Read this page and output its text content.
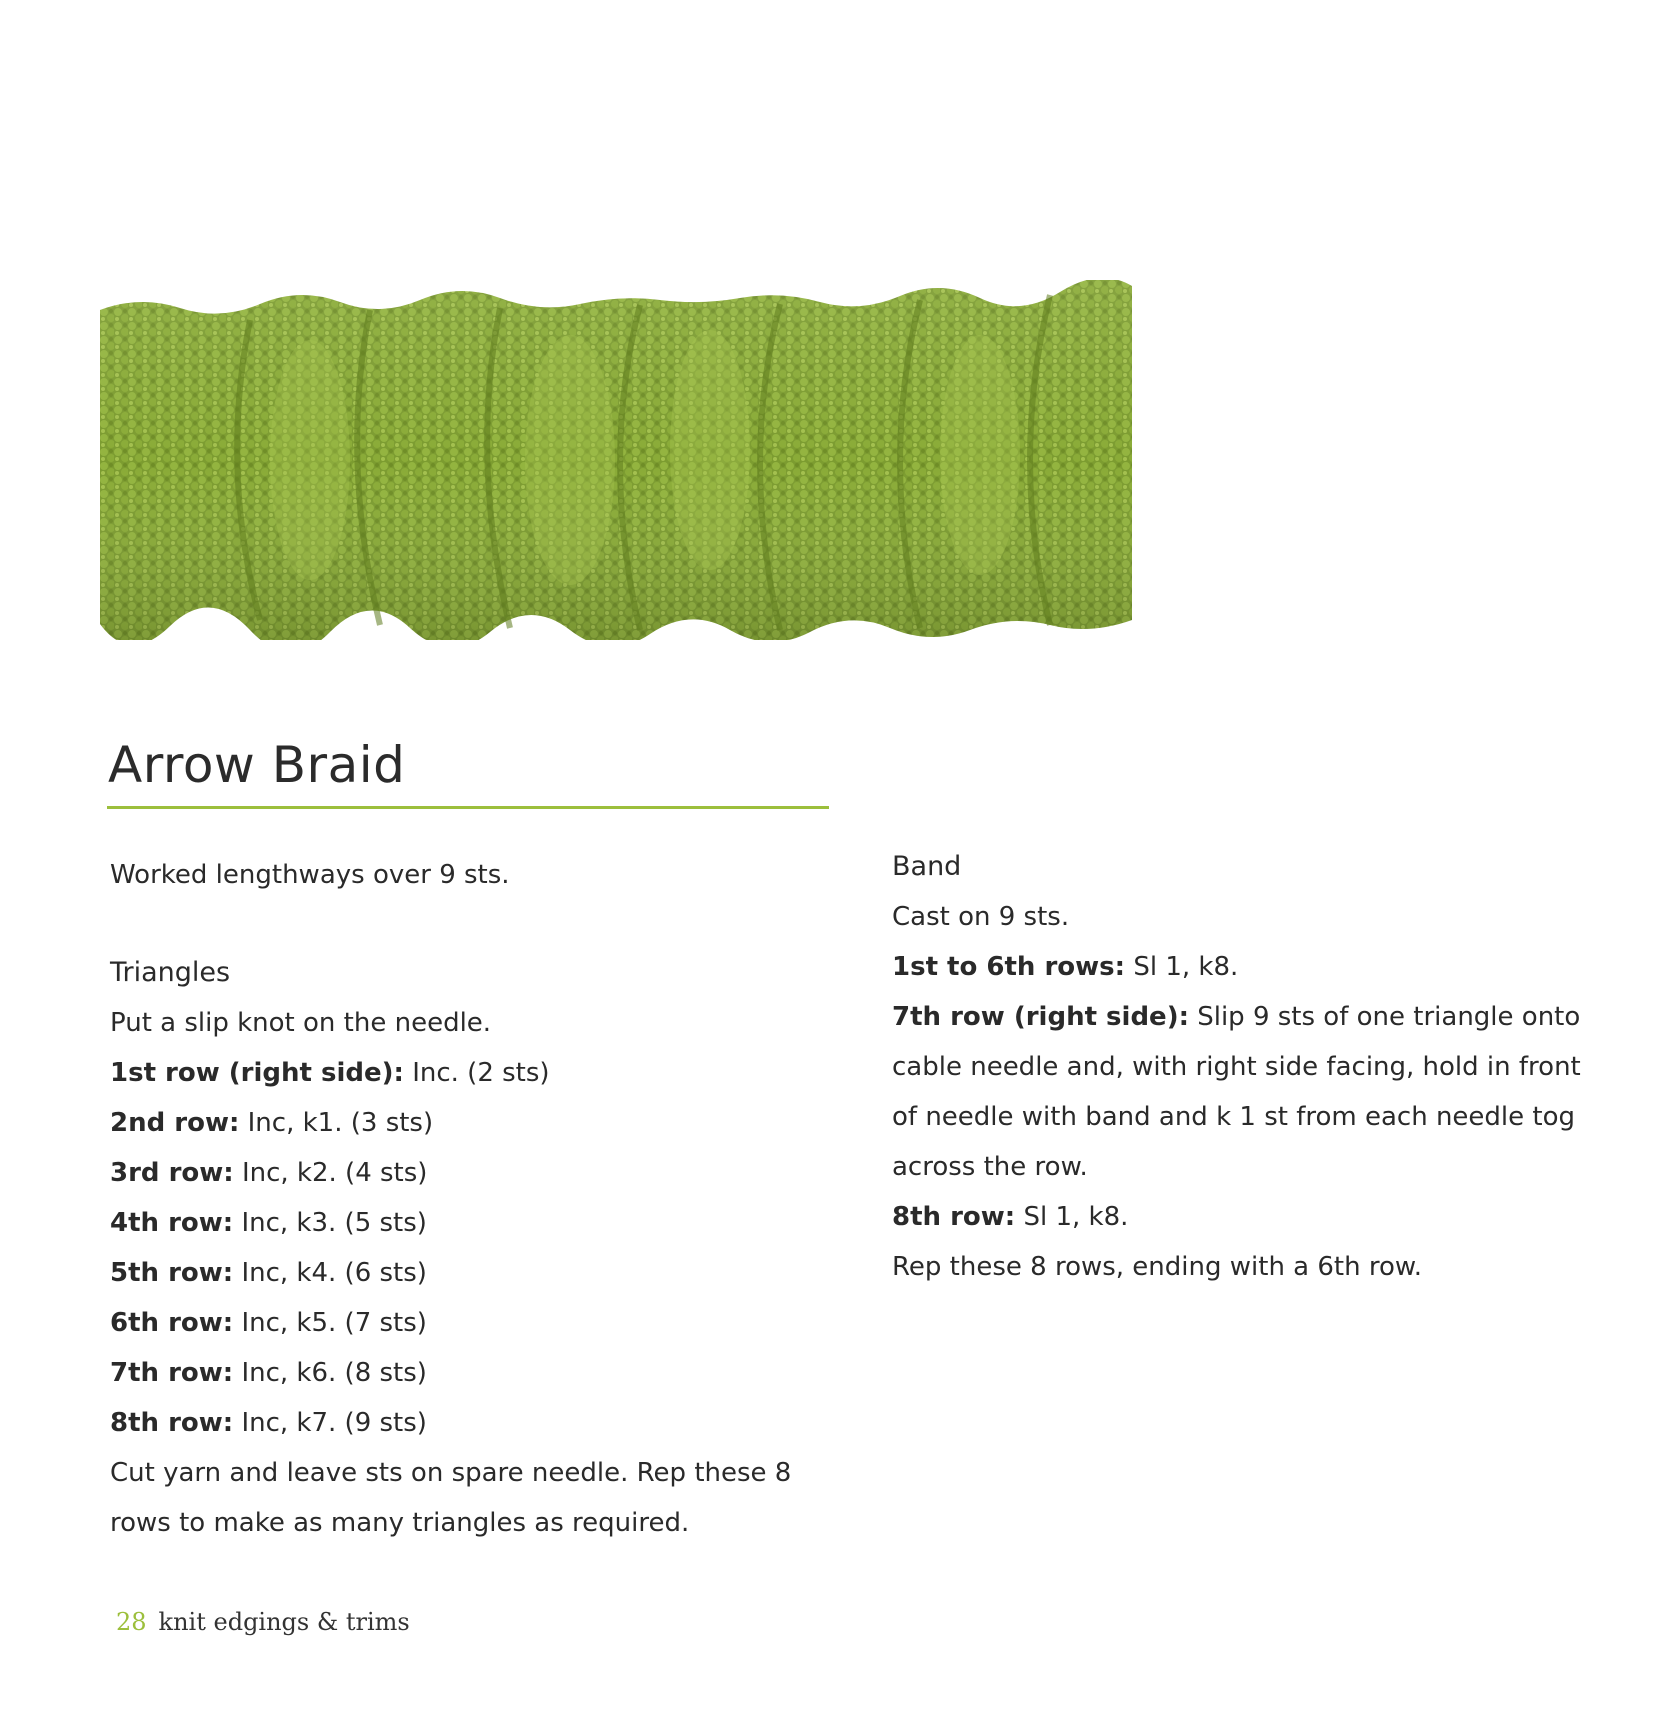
Arrow Braid

Worked lengthways over 9 sts.

Triangles

Put a slip knot on the needle.

1st row (right side): Inc. (2 sts)

2nd row: Inc, k1. (3 sts)

3rd row: Inc, k2. (4 sts)

4th row: Inc, k3. (5 sts)

5th row: Inc, k4. (6 sts)

6th row: Inc, k5. (7 sts)

7th row: Inc, k6. (8 sts)

8th row: Inc, k7. (9 sts)

Cut yarn and leave sts on spare needle. Rep these 8 rows to make as many triangles as required.

Band

Cast on 9 sts.

1st to 6th rows: Sl 1, k8.

7th row (right side): Slip 9 sts of one triangle onto cable needle and, with right side facing, hold in front of needle with band and k 1 st from each needle tog across the row.

8th row: Sl 1, k8.

Rep these 8 rows, ending with a 6th row.

28 knit edgings & trims
